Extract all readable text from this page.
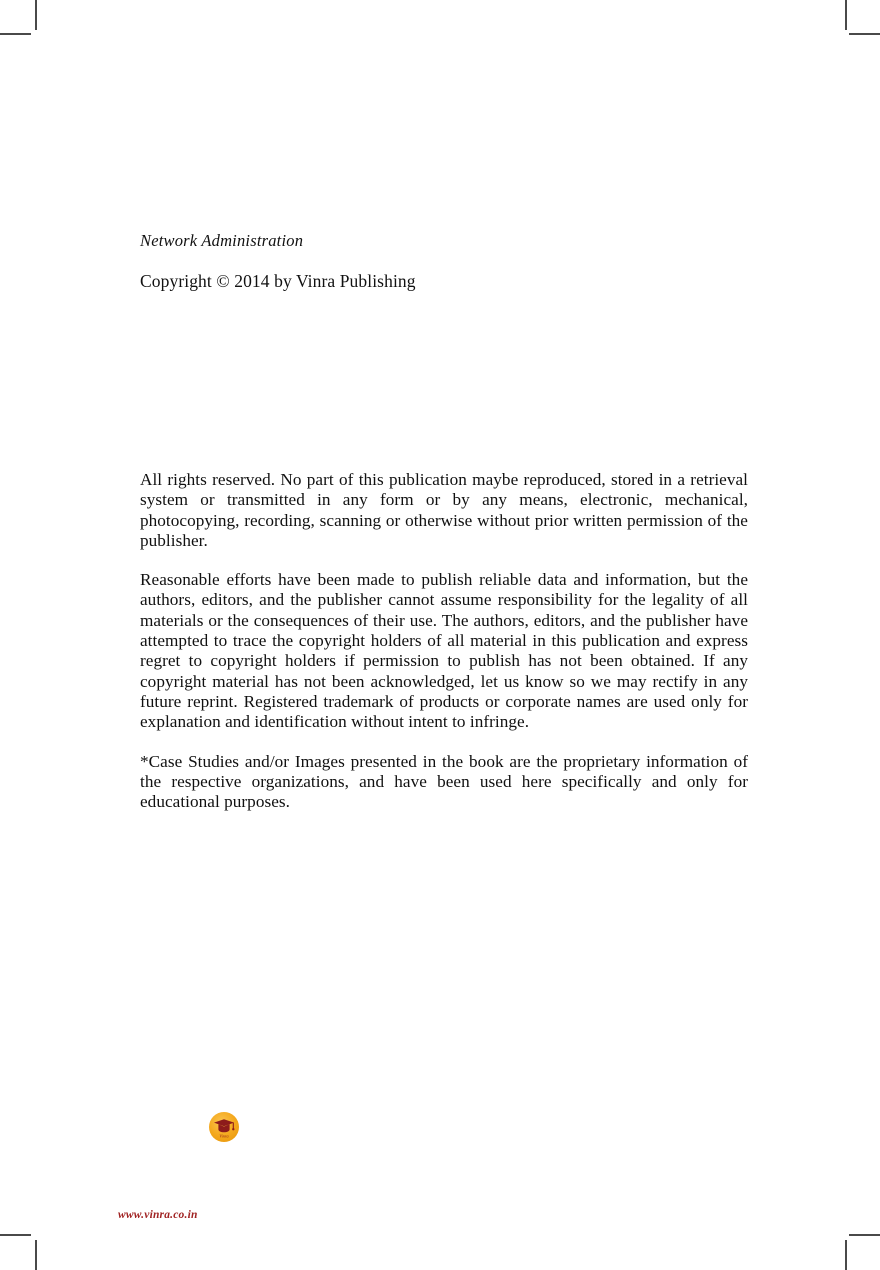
Network Administration

Copyright © 2014 by Vinra Publishing

All rights reserved. No part of this publication maybe reproduced, stored in a retrieval system or transmitted in any form or by any means, electronic, mechanical, photocopying, recording, scanning or otherwise without prior written permission of the publisher.

Reasonable efforts have been made to publish reliable data and information, but the authors, editors, and the publisher cannot assume responsibility for the legality of all materials or the consequences of their use. The authors, editors, and the publisher have attempted to trace the copyright holders of all material in this publication and express regret to copyright holders if permission to publish has not been obtained. If any copyright material has not been acknowledged, let us know so we may rectify in any future reprint. Registered trademark of products or corporate names are used only for explanation and identification without intent to infringe.

*Case Studies and/or Images presented in the book are the proprietary information of the respective organizations, and have been used here specifically and only for educational purposes.

Vinra
www.vinra.co.in
